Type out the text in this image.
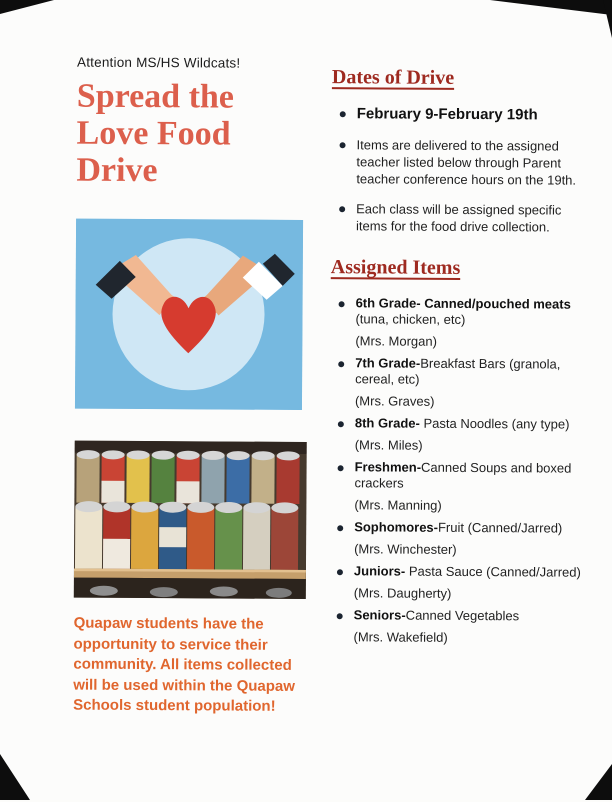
Attention MS/HS Wildcats!
Spread the
Love Food
Drive

Quapaw students have the opportunity to service their community. All items collected will be used within the Quapaw Schools student population!

Dates of Drive
February 9-February 19th
Items are delivered to the assigned teacher listed below through Parent teacher conference hours on the 19th.
Each class will be assigned specific items for the food drive collection.
Assigned Items
6th Grade- Canned/pouched meats (tuna, chicken, etc)
(Mrs. Morgan)
7th Grade-Breakfast Bars (granola, cereal, etc)
(Mrs. Graves)
8th Grade- Pasta Noodles (any type)
(Mrs. Miles)
Freshmen-Canned Soups and boxed crackers
(Mrs. Manning)
Sophomores-Fruit (Canned/Jarred)
(Mrs. Winchester)
Juniors- Pasta Sauce (Canned/Jarred)
(Mrs. Daugherty)
Seniors-Canned Vegetables
(Mrs. Wakefield)
